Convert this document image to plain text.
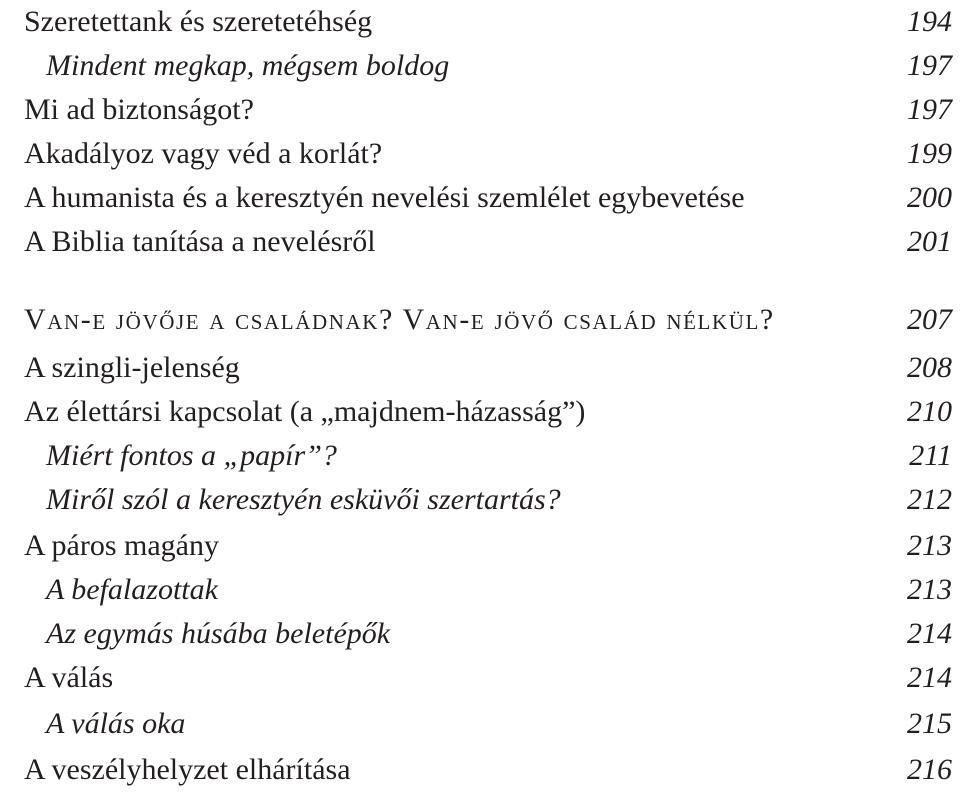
Szeretettank és szeretetéhség	194
Mindent megkap, mégsem boldog	197
Mi ad biztonságot?	197
Akadályoz vagy véd a korlát?	199
A humanista és a keresztyén nevelési szemlélet egybevetése	200
A Biblia tanítása a nevelésről	201
Van-e jövője a családnak? Van-e jövő család nélkül?	207
A szingli-jelenség	208
Az élettársi kapcsolat (a „majdnem-házasság”)	210
Miért fontos a „papír”?	211
Miről szól a keresztyén esküvői szertartás?	212
A páros magány	213
A befalazottak	213
Az egymás húsába beletépők	214
A válás	214
A válás oka	215
A veszélyhelyzet elhárítása	216
